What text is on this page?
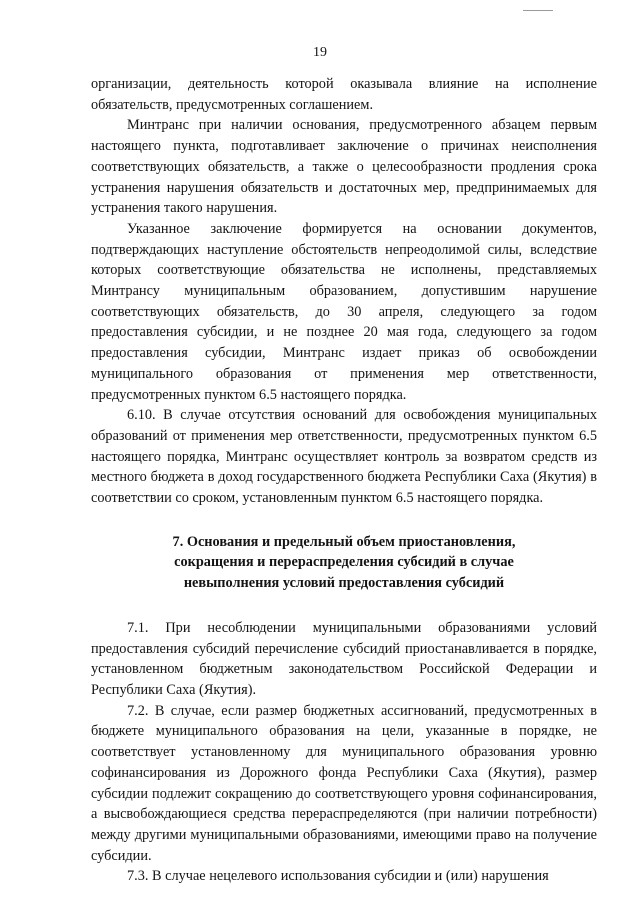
19

организации, деятельность которой оказывала влияние на исполнение обязательств, предусмотренных соглашением.

Минтранс при наличии основания, предусмотренного абзацем первым настоящего пункта, подготавливает заключение о причинах неисполнения соответствующих обязательств, а также о целесообразности продления срока устранения нарушения обязательств и достаточных мер, предпринимаемых для устранения такого нарушения.

Указанное заключение формируется на основании документов, подтверждающих наступление обстоятельств непреодолимой силы, вследствие которых соответствующие обязательства не исполнены, представляемых Минтрансу муниципальным образованием, допустившим нарушение соответствующих обязательств, до 30 апреля, следующего за годом предоставления субсидии, и не позднее 20 мая года, следующего за годом предоставления субсидии, Минтранс издает приказ об освобождении муниципального образования от применения мер ответственности, предусмотренных пунктом 6.5 настоящего порядка.

6.10. В случае отсутствия оснований для освобождения муниципальных образований от применения мер ответственности, предусмотренных пунктом 6.5 настоящего порядка, Минтранс осуществляет контроль за возвратом средств из местного бюджета в доход государственного бюджета Республики Саха (Якутия) в соответствии со сроком, установленным пунктом 6.5 настоящего порядка.

7. Основания и предельный объем приостановления,
сокращения и перераспределения субсидий в случае
невыполнения условий предоставления субсидий

7.1. При несоблюдении муниципальными образованиями условий предоставления субсидий перечисление субсидий приостанавливается в порядке, установленном бюджетным законодательством Российской Федерации и Республики Саха (Якутия).

7.2. В случае, если размер бюджетных ассигнований, предусмотренных в бюджете муниципального образования на цели, указанные в порядке, не соответствует установленному для муниципального образования уровню софинансирования из Дорожного фонда Республики Саха (Якутия), размер субсидии подлежит сокращению до соответствующего уровня софинансирования, а высвобождающиеся средства перераспределяются (при наличии потребности) между другими муниципальными образованиями, имеющими право на получение субсидии.

7.3. В случае нецелевого использования субсидии и (или) нарушения
